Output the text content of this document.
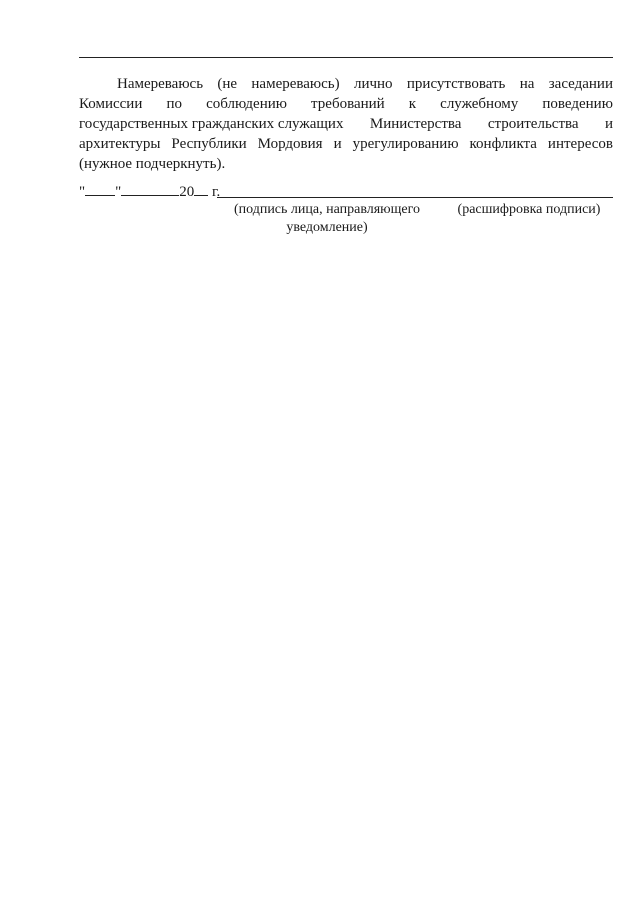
Намереваюсь (не намереваюсь) лично присутствовать на заседании
Комиссии по соблюдению требований к служебному поведению
государственных гражданских служащих Министерства строительства и
архитектуры Республики Мордовия и урегулированию конфликта интересов
(нужное подчеркнуть).
" "	20 г.
(подпись лица, направляющего уведомление)
(расшифровка подписи)
